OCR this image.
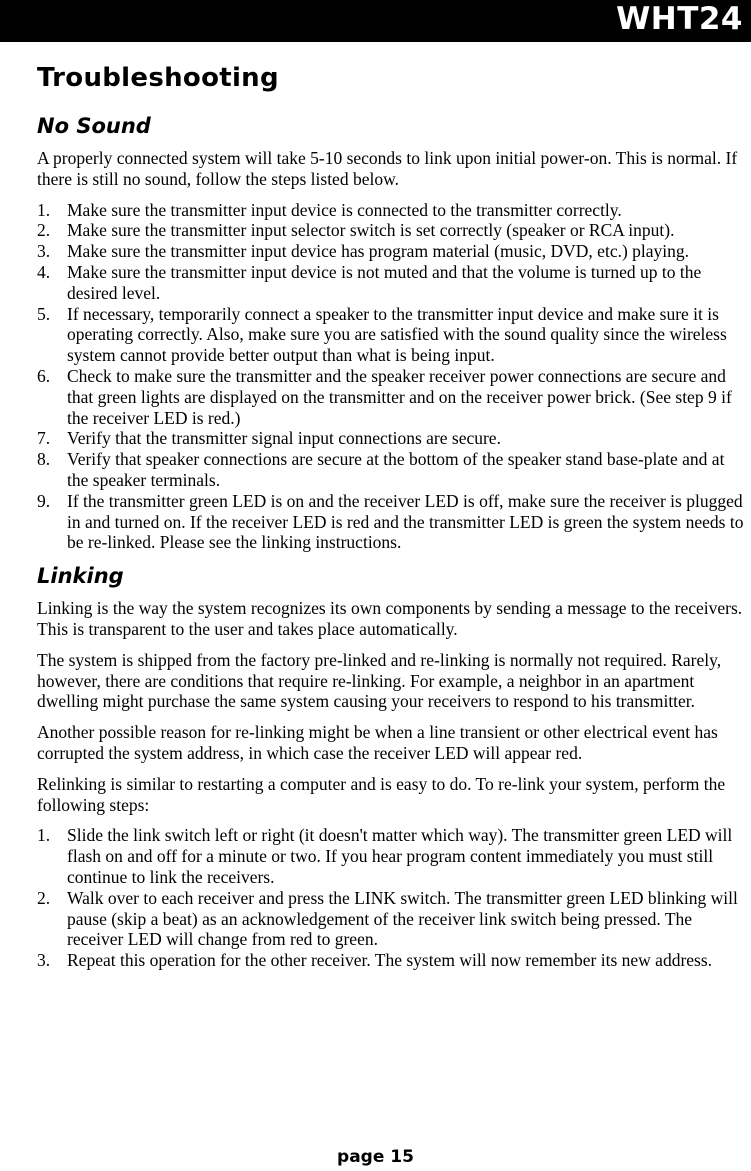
WHT24
Troubleshooting
No Sound

A properly connected system will take 5-10 seconds to link upon initial power-on. This is normal. If there is still no sound, follow the steps listed below.

1. Make sure the transmitter input device is connected to the transmitter correctly.
2. Make sure the transmitter input selector switch is set correctly (speaker or RCA input).
3. Make sure the transmitter input device has program material (music, DVD, etc.) playing.
4. Make sure the transmitter input device is not muted and that the volume is turned up to the desired level.
5. If necessary, temporarily connect a speaker to the transmitter input device and make sure it is operating correctly. Also, make sure you are satisfied with the sound quality since the wireless system cannot provide better output than what is being input.
6. Check to make sure the transmitter and the speaker receiver power connections are secure and that green lights are displayed on the transmitter and on the receiver power brick. (See step 9 if the receiver LED is red.)
7. Verify that the transmitter signal input connections are secure.
8. Verify that speaker connections are secure at the bottom of the speaker stand base-plate and at the speaker terminals.
9. If the transmitter green LED is on and the receiver LED is off, make sure the receiver is plugged in and turned on. If the receiver LED is red and the transmitter LED is green the system needs to be re-linked. Please see the linking instructions.
Linking

Linking is the way the system recognizes its own components by sending a message to the receivers. This is transparent to the user and takes place automatically.

The system is shipped from the factory pre-linked and re-linking is normally not required. Rarely, however, there are conditions that require re-linking. For example, a neighbor in an apartment dwelling might purchase the same system causing your receivers to respond to his transmitter.

Another possible reason for re-linking might be when a line transient or other electrical event has corrupted the system address, in which case the receiver LED will appear red.

Relinking is similar to restarting a computer and is easy to do. To re-link your system, perform the following steps:

1. Slide the link switch left or right (it doesn't matter which way). The transmitter green LED will flash on and off for a minute or two. If you hear program content immediately you must still continue to link the receivers.
2. Walk over to each receiver and press the LINK switch. The transmitter green LED blinking will pause (skip a beat) as an acknowledgement of the receiver link switch being pressed. The receiver LED will change from red to green.
3. Repeat this operation for the other receiver. The system will now remember its new address.
page 15
